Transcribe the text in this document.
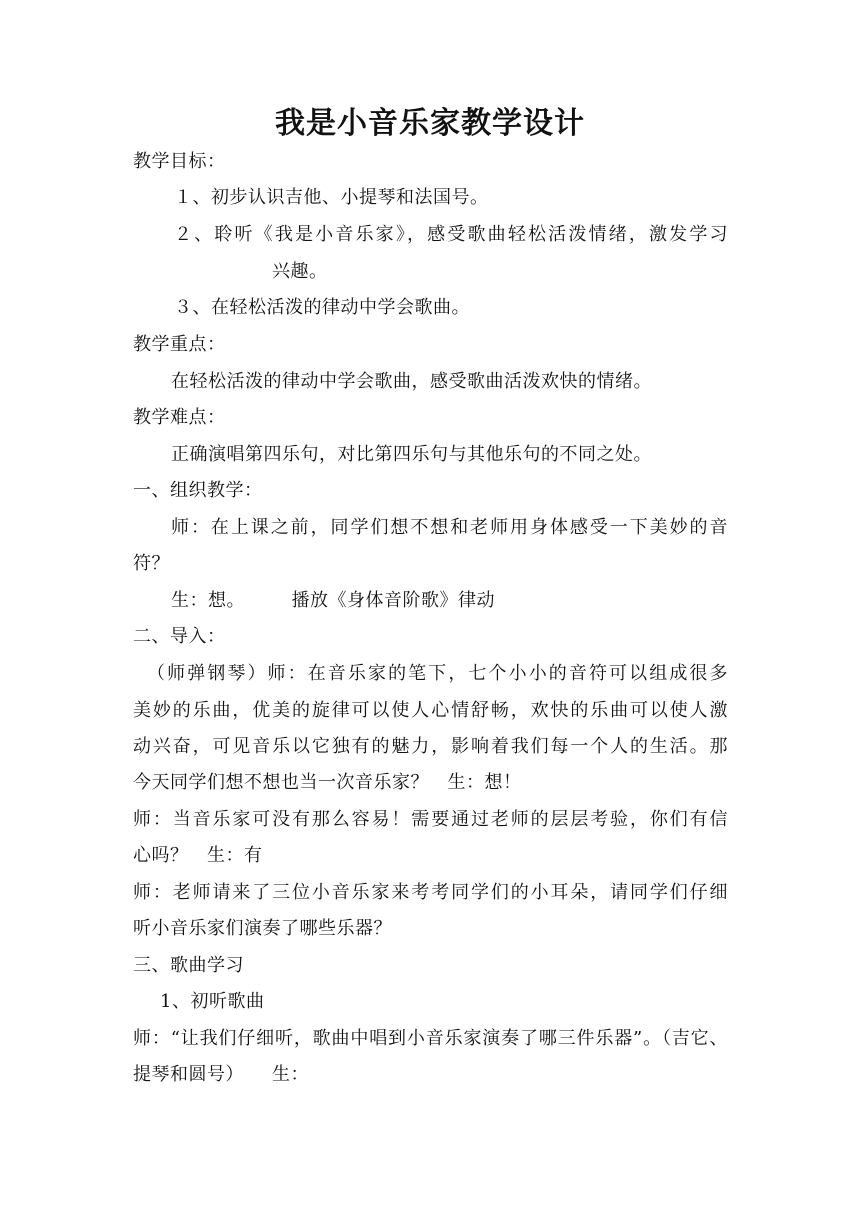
我是小音乐家教学设计
教学目标：
１、初步认识吉他、小提琴和法国号。
２、聆听《我是小音乐家》，感受歌曲轻松活泼情绪，激发学习
兴趣。
３、在轻松活泼的律动中学会歌曲。
教学重点：
在轻松活泼的律动中学会歌曲，感受歌曲活泼欢快的情绪。
教学难点：
正确演唱第四乐句，对比第四乐句与其他乐句的不同之处。
一、组织教学：
师：在上课之前，同学们想不想和老师用身体感受一下美妙的音
符？
生：想。　　　播放《身体音阶歌》律动
二、导入：
（师弹钢琴）师：在音乐家的笔下，七个小小的音符可以组成很多
美妙的乐曲，优美的旋律可以使人心情舒畅，欢快的乐曲可以使人激
动兴奋，可见音乐以它独有的魅力，影响着我们每一个人的生活。那
今天同学们想不想也当一次音乐家？　生：想！
师：当音乐家可没有那么容易！需要通过老师的层层考验，你们有信
心吗？　生：有
师：老师请来了三位小音乐家来考考同学们的小耳朵，请同学们仔细
听小音乐家们演奏了哪些乐器？
三、歌曲学习
1、初听歌曲
师：“让我们仔细听，歌曲中唱到小音乐家演奏了哪三件乐器”。（吉它、
提琴和圆号）　　生：
